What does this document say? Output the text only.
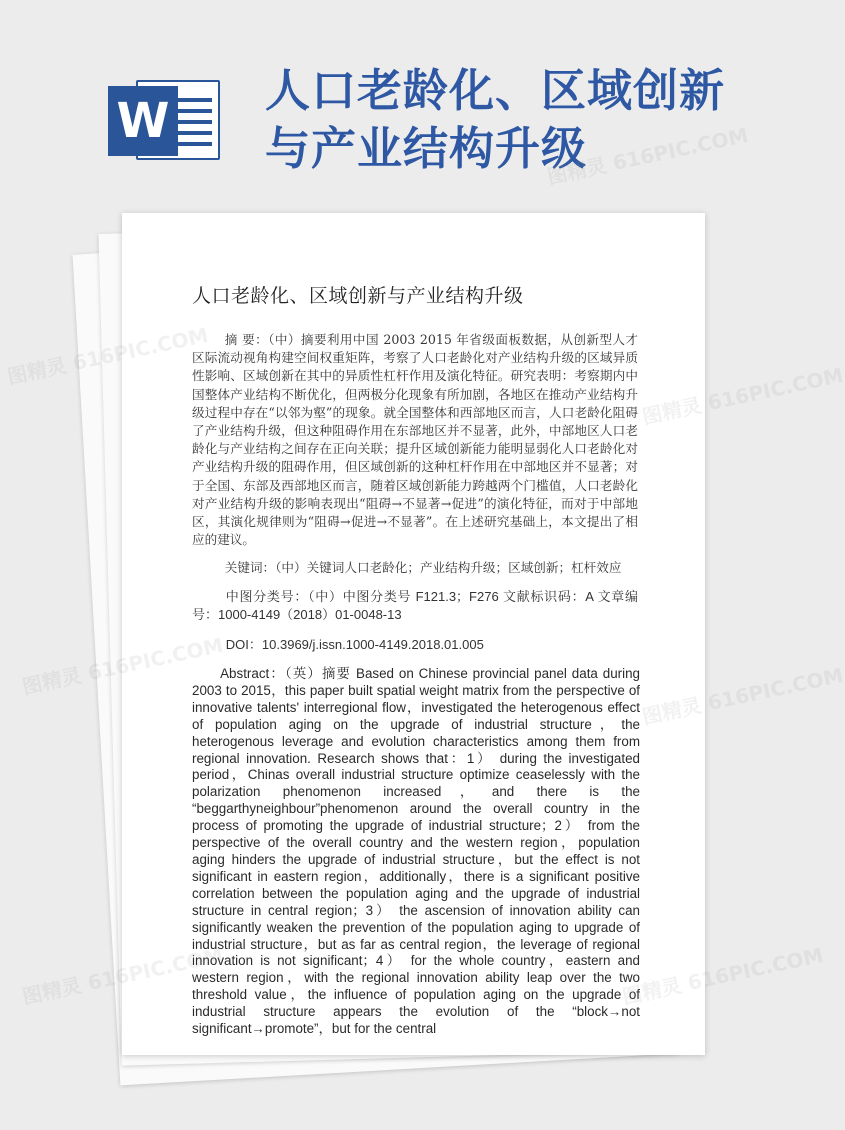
W
人口老龄化、区域创新
与产业结构升级
人口老龄化、区域创新与产业结构升级
摘 要：（中）摘要利用中国 2003 2015 年省级面板数据，从创新型人才区际流动视角构建空间权重矩阵，考察了人口老龄化对产业结构升级的区域异质性影响、区域创新在其中的异质性杠杆作用及演化特征。研究表明：考察期内中国整体产业结构不断优化，但两极分化现象有所加剧，各地区在推动产业结构升级过程中存在“以邻为壑”的现象。就全国整体和西部地区而言，人口老龄化阻碍了产业结构升级，但这种阻碍作用在东部地区并不显著，此外，中部地区人口老龄化与产业结构之间存在正向关联；提升区域创新能力能明显弱化人口老龄化对产业结构升级的阻碍作用，但区域创新的这种杠杆作用在中部地区并不显著；对于全国、东部及西部地区而言，随着区域创新能力跨越两个门槛值，人口老龄化对产业结构升级的影响表现出“阻碍→不显著→促进”的演化特征，而对于中部地区，其演化规律则为“阻碍→促进→不显著”。在上述研究基础上，本文提出了相应的建议。
关键词：（中）关键词人口老龄化；产业结构升级；区域创新；杠杆效应
中图分类号：（中）中图分类号 F121.3；F276 文献标识码：A 文章编号：1000-4149（2018）01-0048-13
DOI：10.3969/j.issn.1000-4149.2018.01.005
Abstract：（英）摘要 Based on Chinese provincial panel data during 2003 to 2015，this paper built spatial weight matrix from the perspective of innovative talents' interregional flow，investigated the heterogenous effect of population aging on the upgrade of industrial structure，the heterogenous leverage and evolution characteristics among them from regional innovation. Research shows that：1） during the investigated period，Chinas overall industrial structure optimize ceaselessly with the polarization phenomenon increased，and there is the “beggarthyneighbour”phenomenon around the overall country in the process of promoting the upgrade of industrial structure；2） from the perspective of the overall country and the western region，population aging hinders the upgrade of industrial structure，but the effect is not significant in eastern region，additionally，there is a significant positive correlation between the population aging and the upgrade of industrial structure in central region；3） the ascension of innovation ability can significantly weaken the prevention of the population aging to upgrade of industrial structure，but as far as central region，the leverage of regional innovation is not significant；4） for the whole country，eastern and western region，with the regional innovation ability leap over the two threshold value，the influence of population aging on the upgrade of industrial structure appears the evolution of the “block→not significant→promote”，but for the central
图精灵 616PIC.COM
图精灵	图精灵 616PIC.COM
图精灵	图精灵 616PIC.COM
图精灵	图精灵 616PIC.COM
